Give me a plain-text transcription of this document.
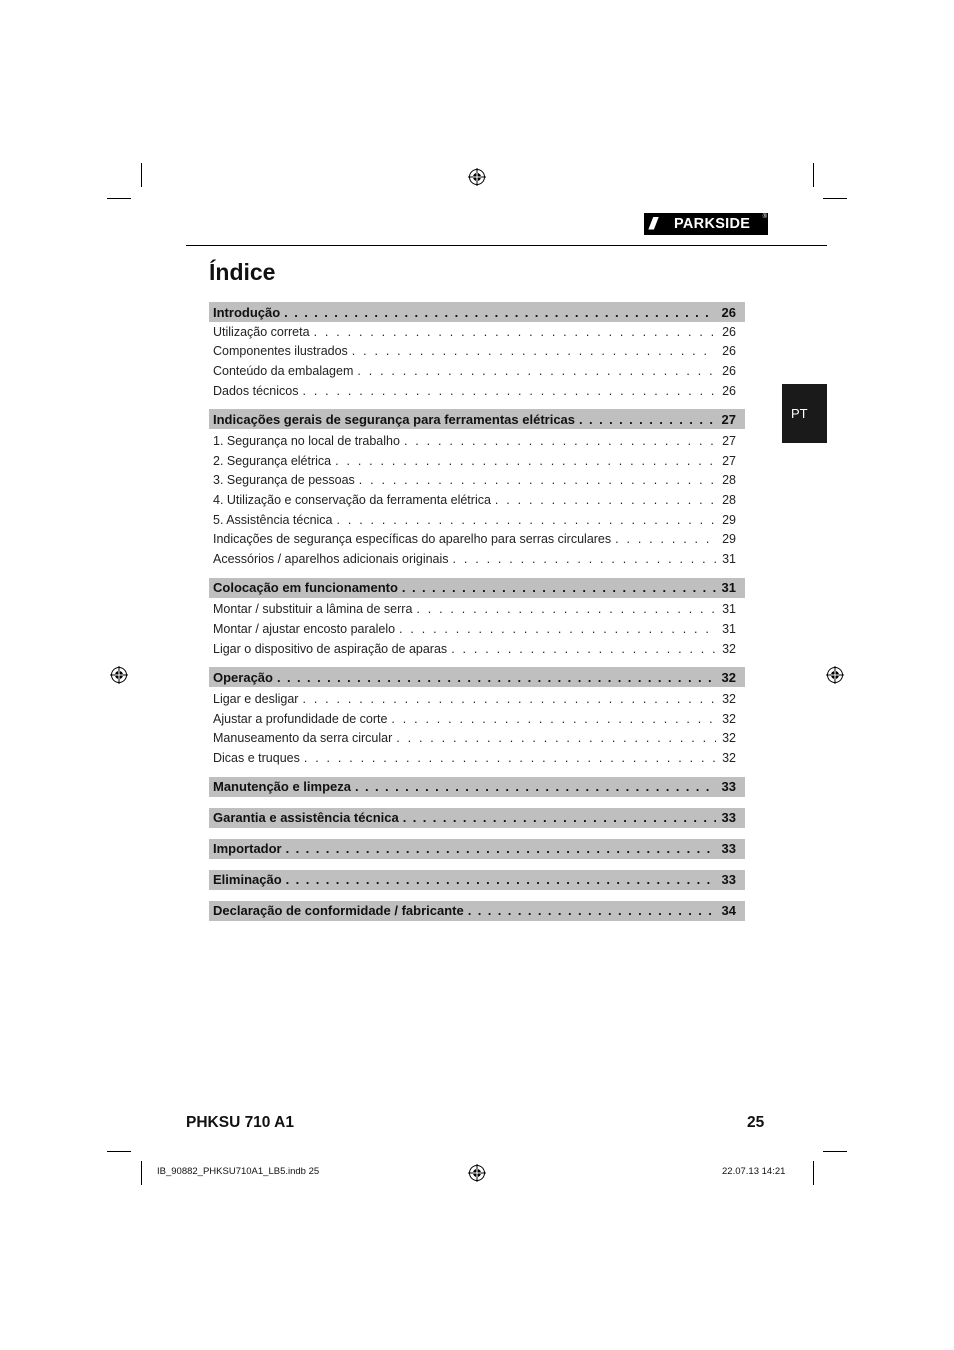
///	PARKSIDE ®
Índice
PT
Introdução . . .	26
Utilização correta . . .	26
Componentes ilustrados . . .	26
Conteúdo da embalagem . . .	26
Dados técnicos . . .	26
Indicações gerais de segurança para ferramentas elétricas . . .	27
1. Segurança no local de trabalho . . .	27
2. Segurança elétrica . . .	27
3. Segurança de pessoas . . .	28
4. Utilização e conservação da ferramenta elétrica . . .	28
5. Assistência técnica . . .	29
Indicações de segurança específicas do aparelho para serras circulares . . .	29
Acessórios / aparelhos adicionais originais . . .	31
Colocação em funcionamento . . .	31
Montar / substituir a lâmina de serra . . .	31
Montar / ajustar encosto paralelo . . .	31
Ligar o dispositivo de aspiração de aparas . . .	32
Operação . . .	32
Ligar e desligar . . .	32
Ajustar a profundidade de corte . . .	32
Manuseamento da serra circular . . .	32
Dicas e truques . . .	32
Manutenção e limpeza . . .	33
Garantia e assistência técnica . . .	33
Importador . . .	33
Eliminação . . .	33
Declaração de conformidade / fabricante . . .	34
PHKSU 710 A1	25
IB_90882_PHKSU710A1_LB5.indb 25	22.07.13 14:21
